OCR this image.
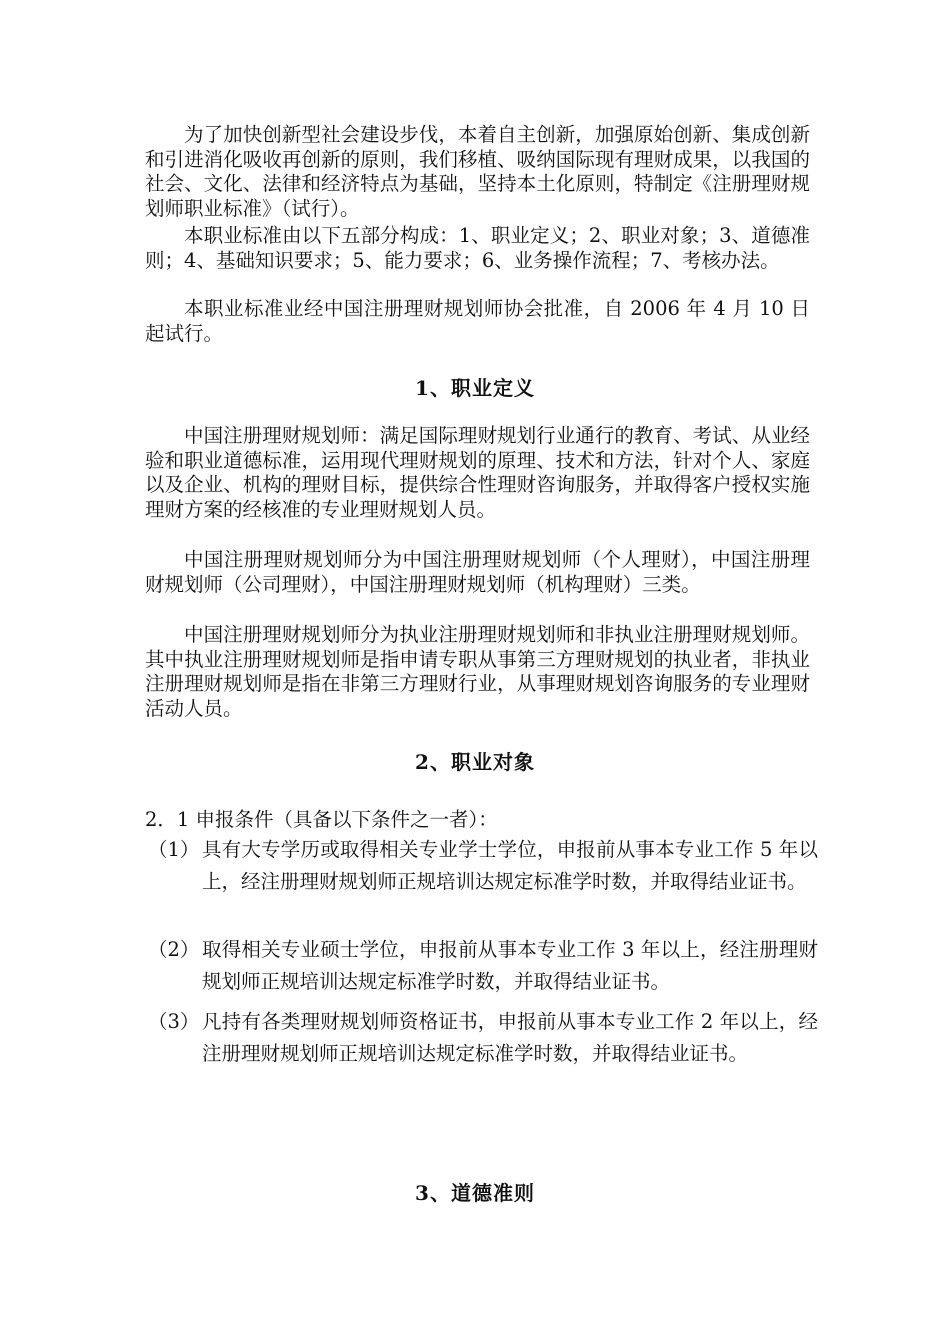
为了加快创新型社会建设步伐，本着自主创新，加强原始创新、集成创新和引进消化吸收再创新的原则，我们移植、吸纳国际现有理财成果，以我国的社会、文化、法律和经济特点为基础，坚持本土化原则，特制定《注册理财规划师职业标准》（试行）。

本职业标准由以下五部分构成：1、职业定义；2、职业对象；3、道德准则；4、基础知识要求；5、能力要求；6、业务操作流程；7、考核办法。

本职业标准业经中国注册理财规划师协会批准，自 2006 年 4 月 10 日起试行。

1、职业定义

中国注册理财规划师：满足国际理财规划行业通行的教育、考试、从业经验和职业道德标准，运用现代理财规划的原理、技术和方法，针对个人、家庭以及企业、机构的理财目标，提供综合性理财咨询服务，并取得客户授权实施理财方案的经核准的专业理财规划人员。

中国注册理财规划师分为中国注册理财规划师（个人理财），中国注册理财规划师（公司理财），中国注册理财规划师（机构理财）三类。

中国注册理财规划师分为执业注册理财规划师和非执业注册理财规划师。其中执业注册理财规划师是指申请专职从事第三方理财规划的执业者，非执业注册理财规划师是指在非第三方理财行业，从事理财规划咨询服务的专业理财活动人员。

2、职业对象

2．1 申报条件（具备以下条件之一者）：

（1） 具有大专学历或取得相关专业学士学位，申报前从事本专业工作 5 年以上，经注册理财规划师正规培训达规定标准学时数，并取得结业证书。
（2） 取得相关专业硕士学位，申报前从事本专业工作 3 年以上，经注册理财规划师正规培训达规定标准学时数，并取得结业证书。
（3） 凡持有各类理财规划师资格证书，申报前从事本专业工作 2 年以上，经注册理财规划师正规培训达规定标准学时数，并取得结业证书。
3、道德准则
